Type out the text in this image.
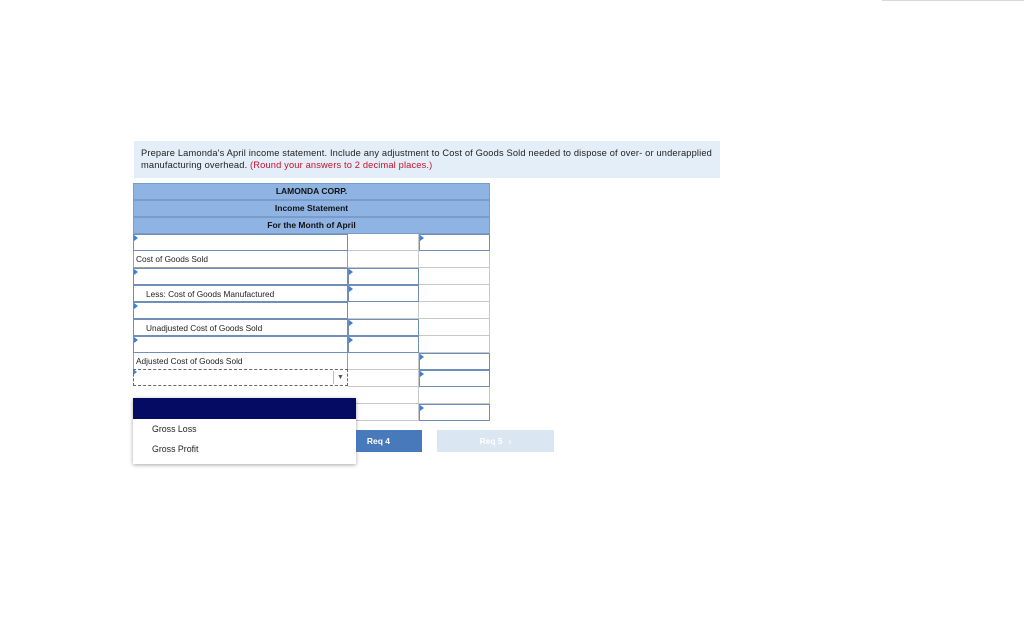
Prepare Lamonda's April income statement. Include any adjustment to Cost of Goods Sold needed to dispose of over- or underapplied manufacturing overhead. (Round your answers to 2 decimal places.)
LAMONDA CORP.
Income Statement
For the Month of April
Cost of Goods Sold
Less: Cost of Goods Manufactured
Unadjusted Cost of Goods Sold
Adjusted Cost of Goods Sold
▼
Gross Loss
Gross Profit
Req 4	Req 5 ›
